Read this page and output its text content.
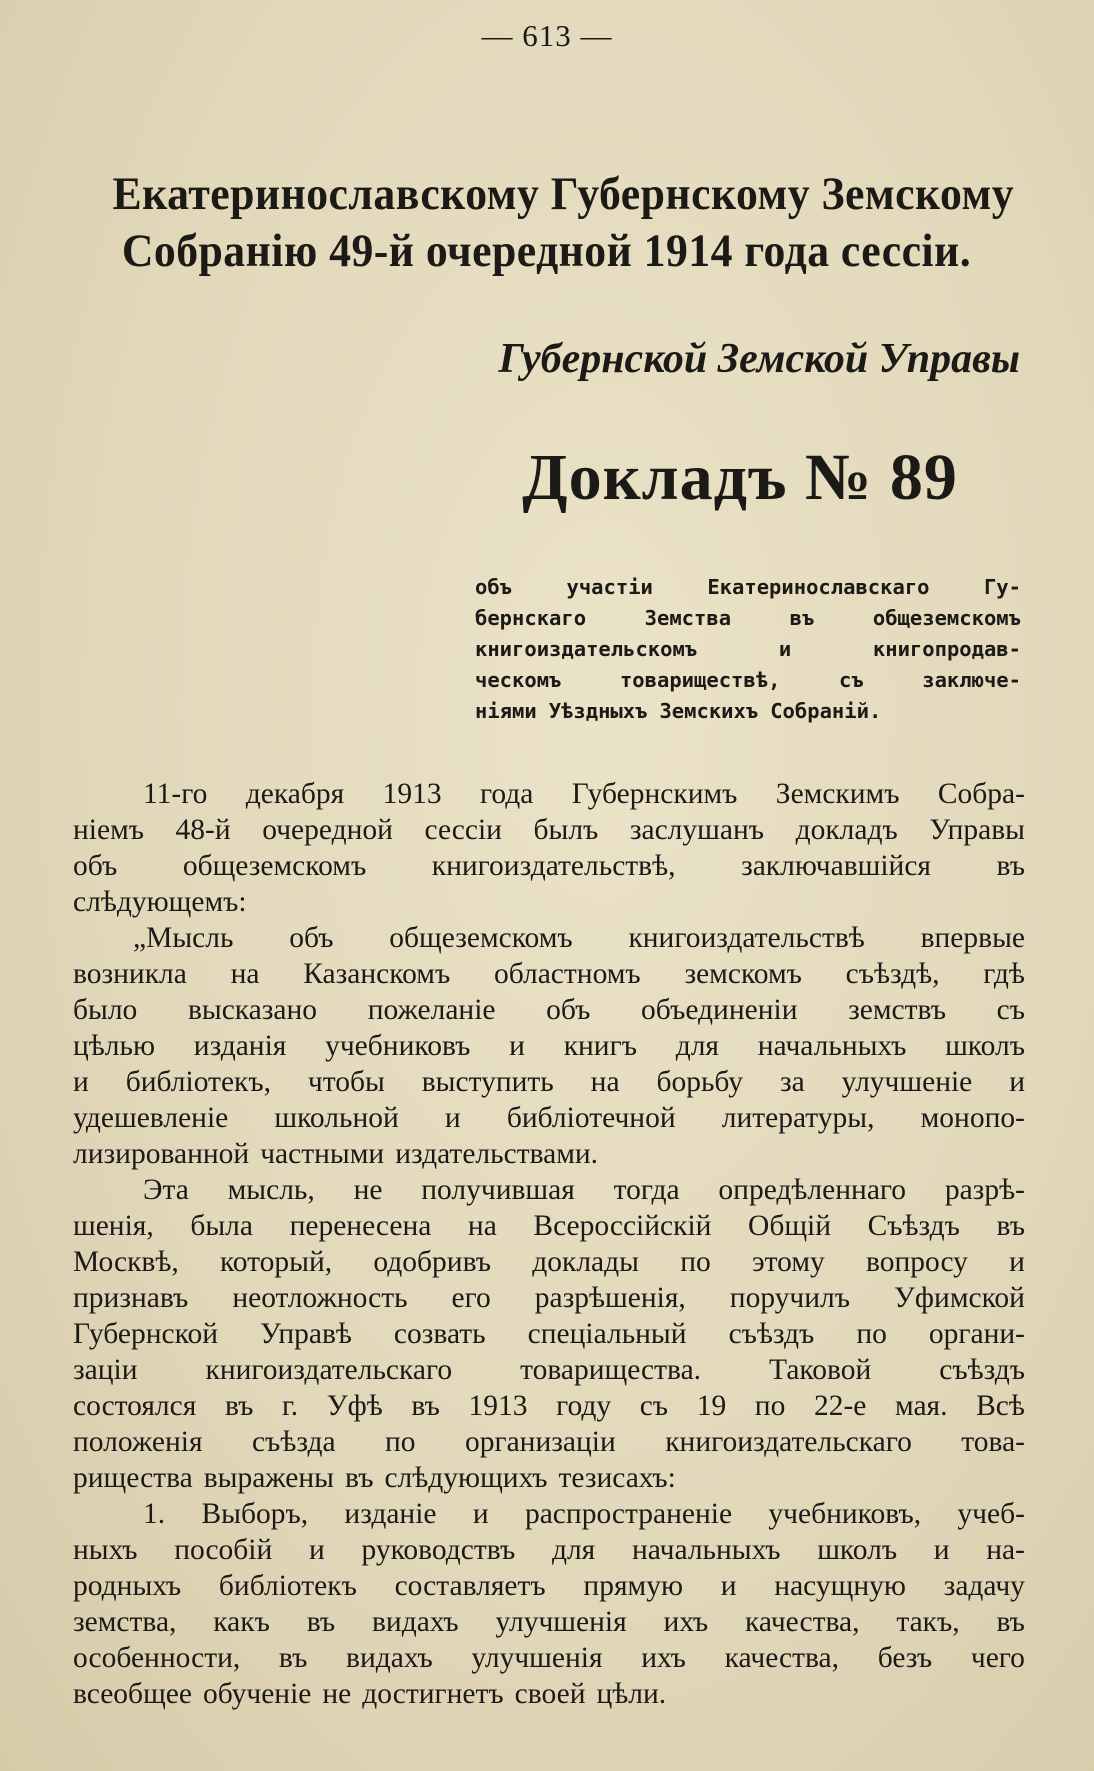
— 613 —
Екатеринославскому Губернскому Земскому
Собранію 49-й очередной 1914 года сессіи.
Губернской Земской Управы
Докладъ № 89
объ	участіи	Екатеринославскаго	Гу-
бернскаго	Земства	въ	общеземскомъ
книгоиздательскомъ	и	книгопродав-
ческомъ	товариществѣ,	съ	заключе-
ніями Уѣздныхъ Земскихъ Собраній.
11-го декабря 1913 года Губернскимъ Земскимъ Собра-
ніемъ 48-й очередной сессіи былъ заслушанъ докладъ Управы
объ общеземскомъ книгоиздательствѣ, заключавшійся въ
слѣдующемъ:
„Мысль объ общеземскомъ книгоиздательствѣ впервые
возникла на Казанскомъ областномъ земскомъ съѣздѣ, гдѣ
было высказано пожеланіе объ объединеніи земствъ съ
цѣлью изданія учебниковъ и книгъ для начальныхъ школъ
и библіотекъ, чтобы выступить на борьбу за улучшеніе и
удешевленіе школьной и библіотечной литературы, монопо-
лизированной частными издательствами.
Эта мысль, не получившая тогда опредѣленнаго разрѣ-
шенія, была перенесена на Всероссійскій Общій Съѣздъ въ
Москвѣ, который, одобривъ доклады по этому вопросу и
признавъ неотложность его разрѣшенія, поручилъ Уфимской
Губернской Управѣ созвать спеціальный съѣздъ по органи-
заціи книгоиздательскаго товарищества. Таковой съѣздъ
состоялся въ г. Уфѣ въ 1913 году съ 19 по 22-е мая. Всѣ
положенія съѣзда по организаціи книгоиздательскаго това-
рищества выражены въ слѣдующихъ тезисахъ:
1. Выборъ, изданіе и распространеніе учебниковъ, учеб-
ныхъ пособій и руководствъ для начальныхъ школъ и на-
родныхъ библіотекъ составляетъ прямую и насущную задачу
земства, какъ въ видахъ улучшенія ихъ качества, такъ, въ
особенности, въ видахъ улучшенія ихъ качества, безъ чего
всеобщее обученіе не достигнетъ своей цѣли.
